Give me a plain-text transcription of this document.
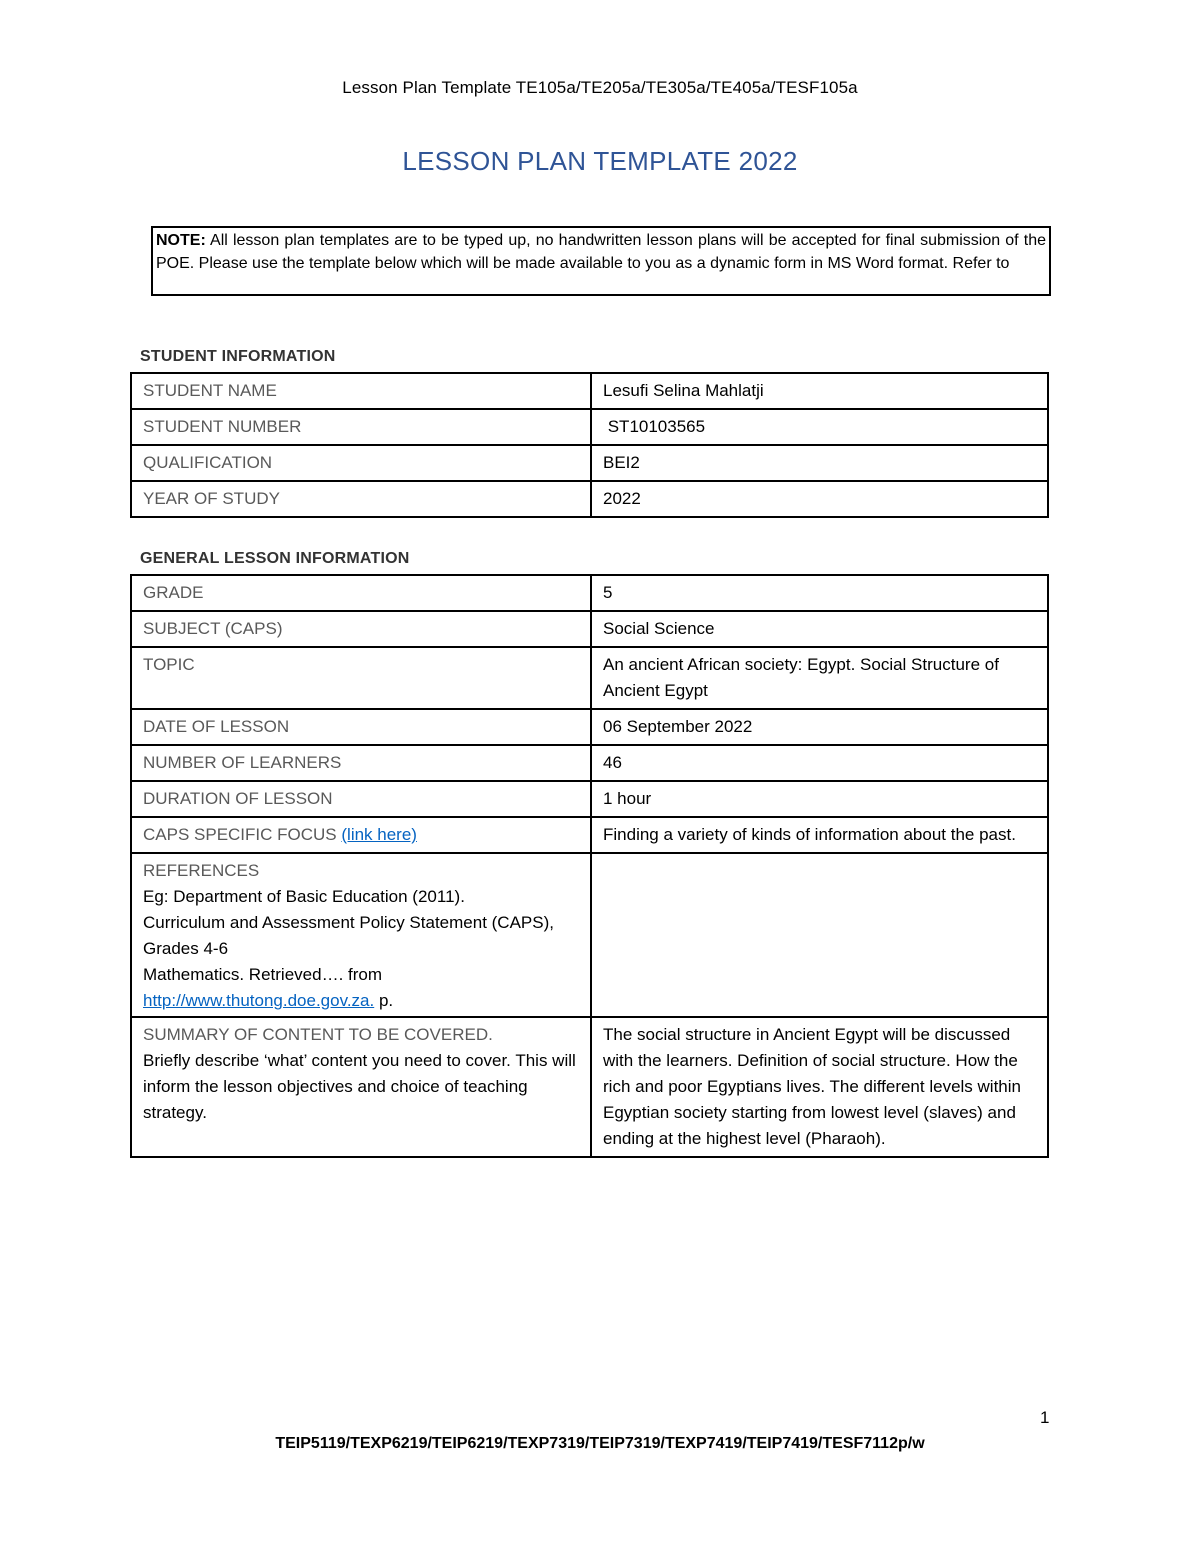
Lesson Plan Template TE105a/TE205a/TE305a/TE405a/TESF105a
LESSON PLAN TEMPLATE 2022
NOTE: All lesson plan templates are to be typed up, no handwritten lesson plans will be accepted for final submission of the POE. Please use the template below which will be made available to you as a dynamic form in MS Word format. Refer to
STUDENT INFORMATION
STUDENT NAME	Lesufi Selina Mahlatji
STUDENT NUMBER	ST10103565
QUALIFICATION	BEI2
YEAR OF STUDY	2022
GENERAL LESSON INFORMATION
GRADE	5
SUBJECT (CAPS)	Social Science
TOPIC	An ancient African society: Egypt. Social Structure of Ancient Egypt
DATE OF LESSON	06 September 2022
NUMBER OF LEARNERS	46
DURATION OF LESSON	1 hour
CAPS SPECIFIC FOCUS (link here)	Finding a variety of kinds of information about the past.

REFERENCES
Eg: Department of Basic Education (2011).
Curriculum and Assessment Policy Statement (CAPS), Grades 4-6
Mathematics. Retrieved…. from
http://www.thutong.doe.gov.za. p.	

SUMMARY OF CONTENT TO BE COVERED.
Briefly describe ‘what’ content you need to cover. This will inform the lesson objectives and choice of teaching strategy.	The social structure in Ancient Egypt will be discussed with the learners. Definition of social structure. How the rich and poor Egyptians lives. The different levels within Egyptian society starting from lowest level (slaves) and ending at the highest level (Pharaoh).
1
TEIP5119/TEXP6219/TEIP6219/TEXP7319/TEIP7319/TEXP7419/TEIP7419/TESF7112p/w
